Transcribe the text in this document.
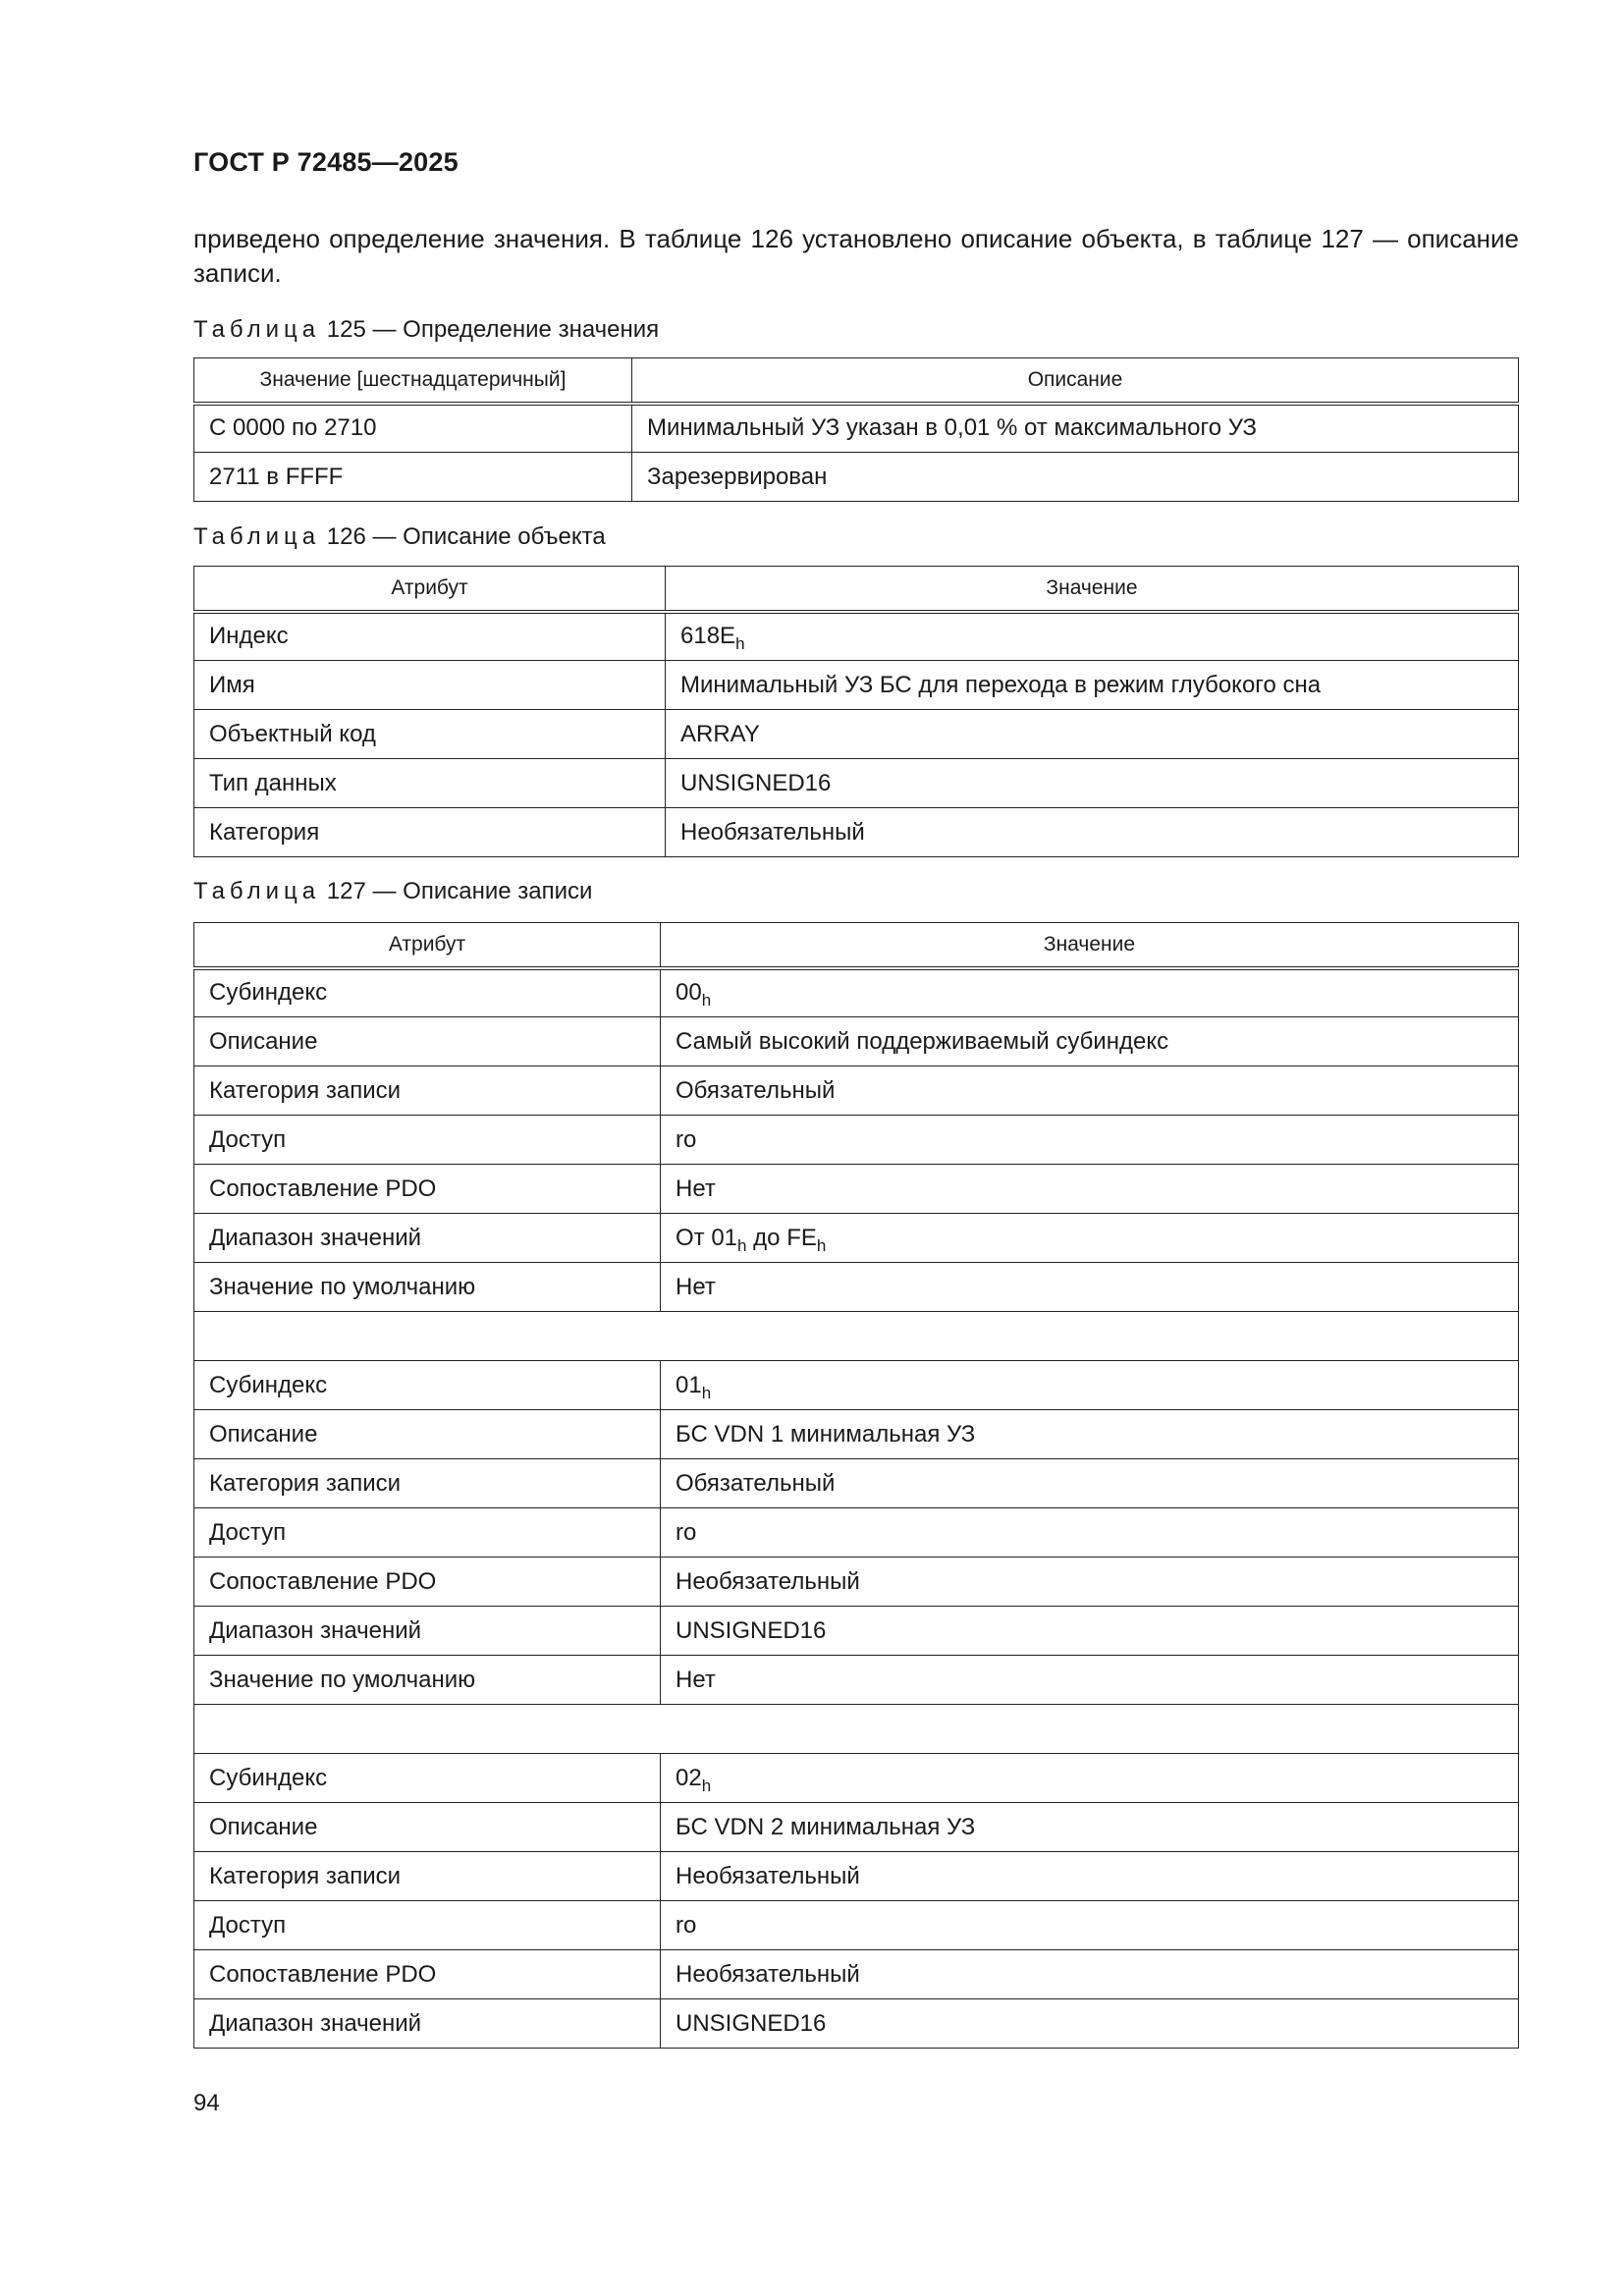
ГОСТ Р 72485—2025
приведено определение значения. В таблице 126 установлено описание объекта, в таблице 127 — описание записи.
Таблица 125 — Определение значения
Значение [шестнадцатеричный]	Описание
С 0000 по 2710	Минимальный УЗ указан в 0,01 % от максимального УЗ
2711 в FFFF	Зарезервирован
Таблица 126 — Описание объекта
Атрибут	Значение
Индекс	$618E_h$
Имя	Минимальный УЗ БС для перехода в режим глубокого сна
Объектный код	ARRAY
Тип данных	UNSIGNED16
Категория	Необязательный
Таблица 127 — Описание записи
Атрибут	Значение
Субиндекс	$00_h$
Описание	Самый высокий поддерживаемый субиндекс
Категория записи	Обязательный
Доступ	ro
Сопоставление PDO	Нет
Диапазон значений	От $01_h$ до $FE_h$
Значение по умолчанию	Нет

Субиндекс	$01_h$
Описание	БС VDN 1 минимальная УЗ
Категория записи	Обязательный
Доступ	ro
Сопоставление PDO	Необязательный
Диапазон значений	UNSIGNED16
Значение по умолчанию	Нет

Субиндекс	$02_h$
Описание	БС VDN 2 минимальная УЗ
Категория записи	Необязательный
Доступ	ro
Сопоставление PDO	Необязательный
Диапазон значений	UNSIGNED16
94
